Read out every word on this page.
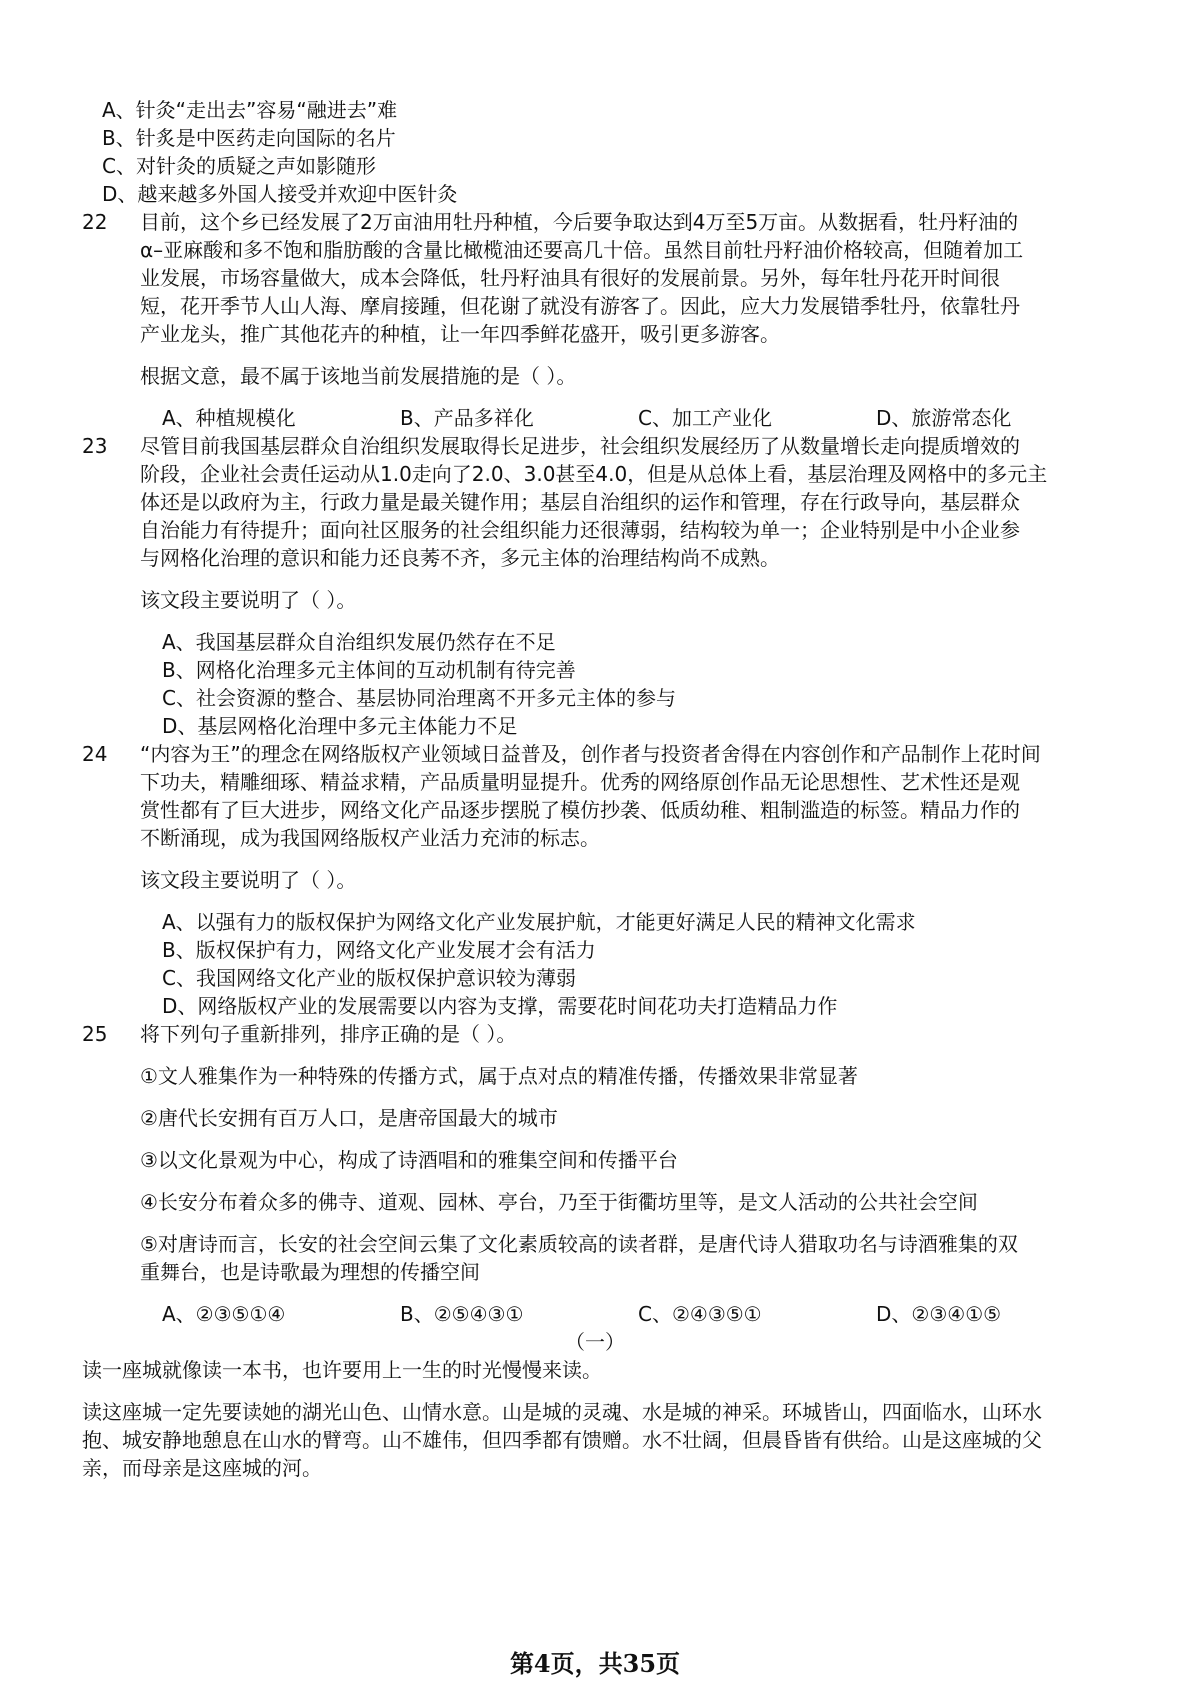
A、针灸“走出去”容易“融进去”难
B、针炙是中医药走向国际的名片
C、对针灸的质疑之声如影随形
D、越来越多外国人接受并欢迎中医针灸
22 目前，这个乡已经发展了2万亩油用牡丹种植，今后要争取达到4万至5万亩。从数据看，牡丹籽油的
α–亚麻酸和多不饱和脂肪酸的含量比橄榄油还要高几十倍。虽然目前牡丹籽油价格较高，但随着加工
业发展，市场容量做大，成本会降低，牡丹籽油具有很好的发展前景。另外，每年牡丹花开时间很
短，花开季节人山人海、摩肩接踵，但花谢了就没有游客了。因此，应大力发展错季牡丹，依靠牡丹
产业龙头，推广其他花卉的种植，让一年四季鲜花盛开，吸引更多游客。
根据文意，最不属于该地当前发展措施的是（ ）。
A、种植规模化	B、产品多祥化	C、加工产业化	D、旅游常态化
23 尽管目前我国基层群众自治组织发展取得长足进步，社会组织发展经历了从数量增长走向提质增效的
阶段，企业社会责任运动从1.0走向了2.0、3.0甚至4.0，但是从总体上看，基层治理及网格中的多元主
体还是以政府为主，行政力量是最关键作用；基层自治组织的运作和管理，存在行政导向，基层群众
自治能力有待提升；面向社区服务的社会组织能力还很薄弱，结构较为单一；企业特别是中小企业参
与网格化治理的意识和能力还良莠不齐，多元主体的治理结构尚不成熟。
该文段主要说明了（ ）。
A、我国基层群众自治组织发展仍然存在不足
B、网格化治理多元主体间的互动机制有待完善
C、社会资源的整合、基层协同治理离不开多元主体的参与
D、基层网格化治理中多元主体能力不足
24 “内容为王”的理念在网络版权产业领域日益普及，创作者与投资者舍得在内容创作和产品制作上花时间
下功夫，精雕细琢、精益求精，产品质量明显提升。优秀的网络原创作品无论思想性、艺术性还是观
赏性都有了巨大进步，网络文化产品逐步摆脱了模仿抄袭、低质幼稚、粗制滥造的标签。精品力作的
不断涌现，成为我国网络版权产业活力充沛的标志。
该文段主要说明了（ ）。
A、以强有力的版权保护为网络文化产业发展护航，才能更好满足人民的精神文化需求
B、版权保护有力，网络文化产业发展才会有活力
C、我国网络文化产业的版权保护意识较为薄弱
D、网络版权产业的发展需要以内容为支撑，需要花时间花功夫打造精品力作
25 将下列句子重新排列，排序正确的是（ ）。
①文人雅集作为一种特殊的传播方式，属于点对点的精准传播，传播效果非常显著
②唐代长安拥有百万人口，是唐帝国最大的城市
③以文化景观为中心，构成了诗酒唱和的雅集空间和传播平台
④长安分布着众多的佛寺、道观、园林、亭台，乃至于街衢坊里等，是文人活动的公共社会空间
⑤对唐诗而言，长安的社会空间云集了文化素质较高的读者群，是唐代诗人猎取功名与诗酒雅集的双
重舞台，也是诗歌最为理想的传播空间
A、②③⑤①④	B、②⑤④③①	C、②④③⑤①	D、②③④①⑤
（一）
读一座城就像读一本书，也许要用上一生的时光慢慢来读。
读这座城一定先要读她的湖光山色、山情水意。山是城的灵魂、水是城的神采。环城皆山，四面临水，山环水
抱、城安静地憩息在山水的臂弯。山不雄伟，但四季都有馈赠。水不壮阔，但晨昏皆有供给。山是这座城的父
亲，而母亲是这座城的河。
第4页，共35页
